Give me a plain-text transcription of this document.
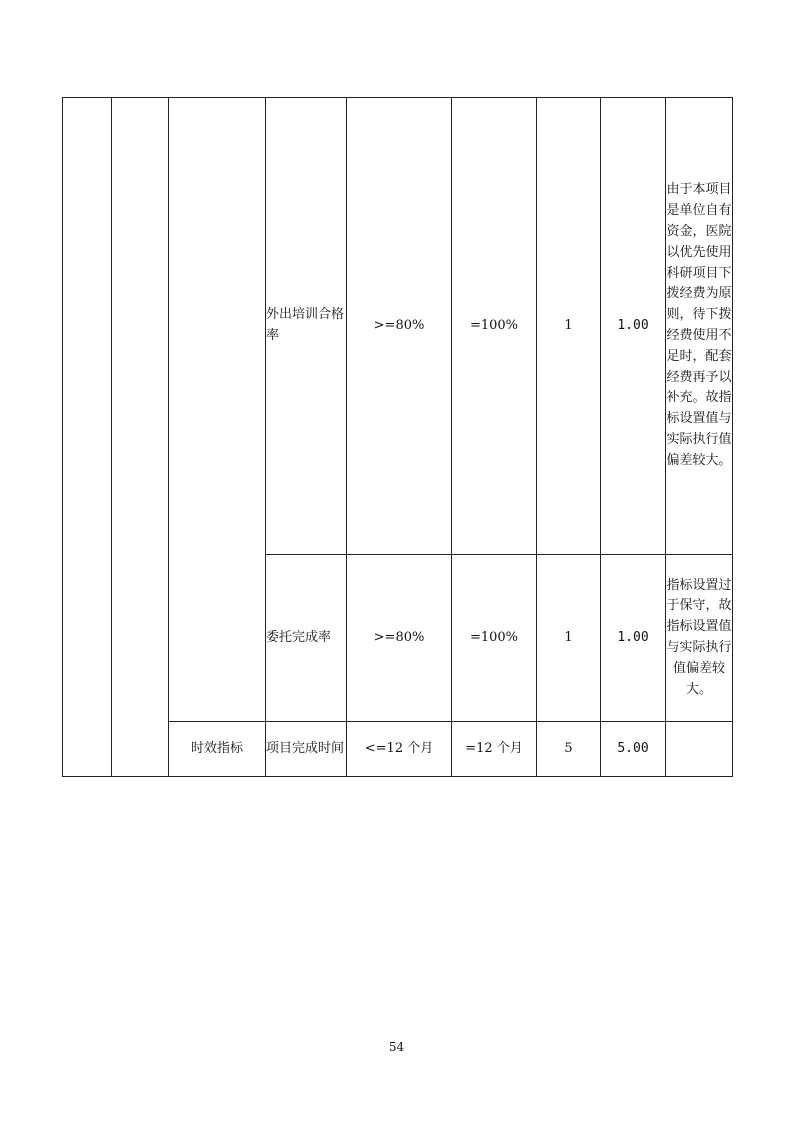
			外出培训合格率	>=80%	=100%	1	1.00	由于本项目是单位自有资金，医院以优先使用科研项目下拨经费为原则，待下拨经费使用不足时，配套经费再予以补充。故指标设置值与实际执行值偏差较大。
			委托完成率	>=80%	=100%	1	1.00	指标设置过于保守，故指标设置值与实际执行值偏差较大。
		时效指标	项目完成时间	<=12 个月	=12 个月	5	5.00	
54
